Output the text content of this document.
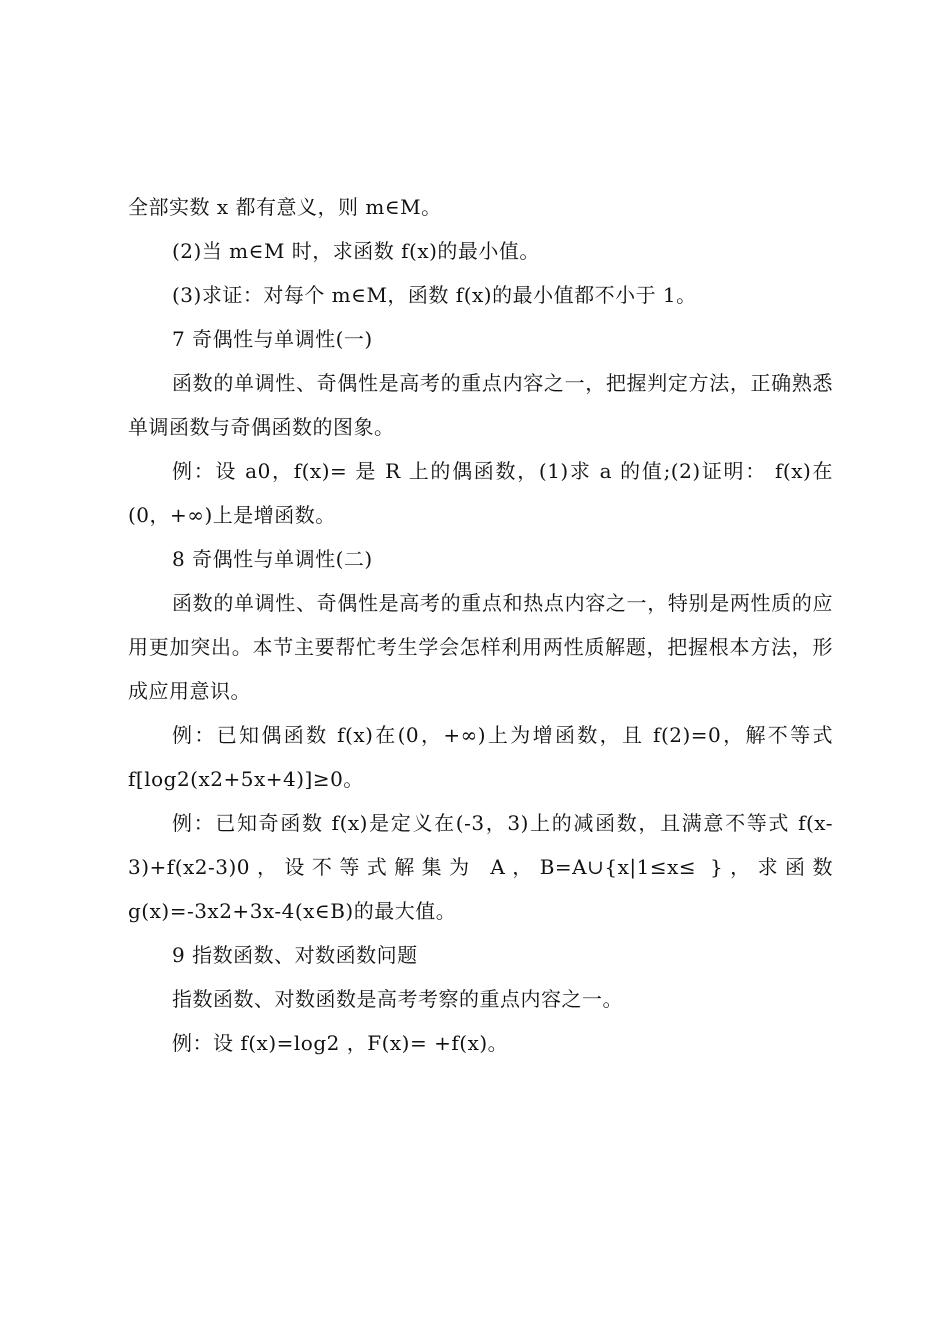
全部实数 x 都有意义，则 m∈M。

(2)当 m∈M 时，求函数 f(x)的最小值。

(3)求证：对每个 m∈M，函数 f(x)的最小值都不小于 1。

7 奇偶性与单调性(一)

函数的单调性、奇偶性是高考的重点内容之一，把握判定方法，正确熟悉单调函数与奇偶函数的图象。

例：设 a0，f(x)= 是 R 上的偶函数，(1)求 a 的值;(2)证明： f(x)在(0，+∞)上是增函数。

8 奇偶性与单调性(二)

函数的单调性、奇偶性是高考的重点和热点内容之一，特别是两性质的应用更加突出。本节主要帮忙考生学会怎样利用两性质解题，把握根本方法，形成应用意识。

例：已知偶函数 f(x)在(0，+∞)上为增函数，且 f(2)=0，解不等式 f[log2(x2+5x+4)]≥0。

例：已知奇函数 f(x)是定义在(-3，3)上的减函数，且满意不等式 f(x-3)+f(x2-3)0，设不等式解集为 A，B=A∪{x|1≤x≤ }，求函数 g(x)=-3x2+3x-4(x∈B)的最大值。

9 指数函数、对数函数问题

指数函数、对数函数是高考考察的重点内容之一。

例：设 f(x)=log2 ，F(x)= +f(x)。
